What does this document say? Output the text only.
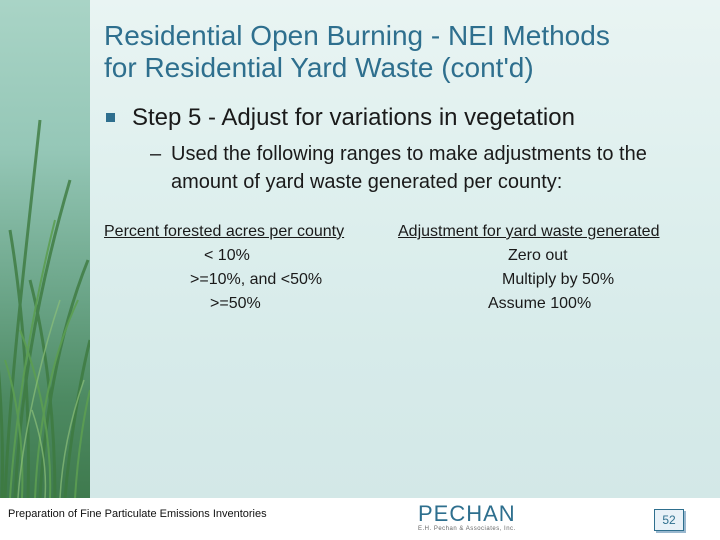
Residential Open Burning - NEI Methods
for Residential Yard Waste (cont'd)
Step 5 - Adjust for variations in vegetation
– Used the following ranges to make adjustments to the amount of yard waste generated per county:
Percent forested acres per county
< 10%
>=10%, and <50%
>=50%
Adjustment for yard waste generated
Zero out
Multiply by 50%
Assume 100%
Preparation of Fine Particulate Emissions Inventories	PECHAN
E.H. Pechan & Associates, Inc.
52
